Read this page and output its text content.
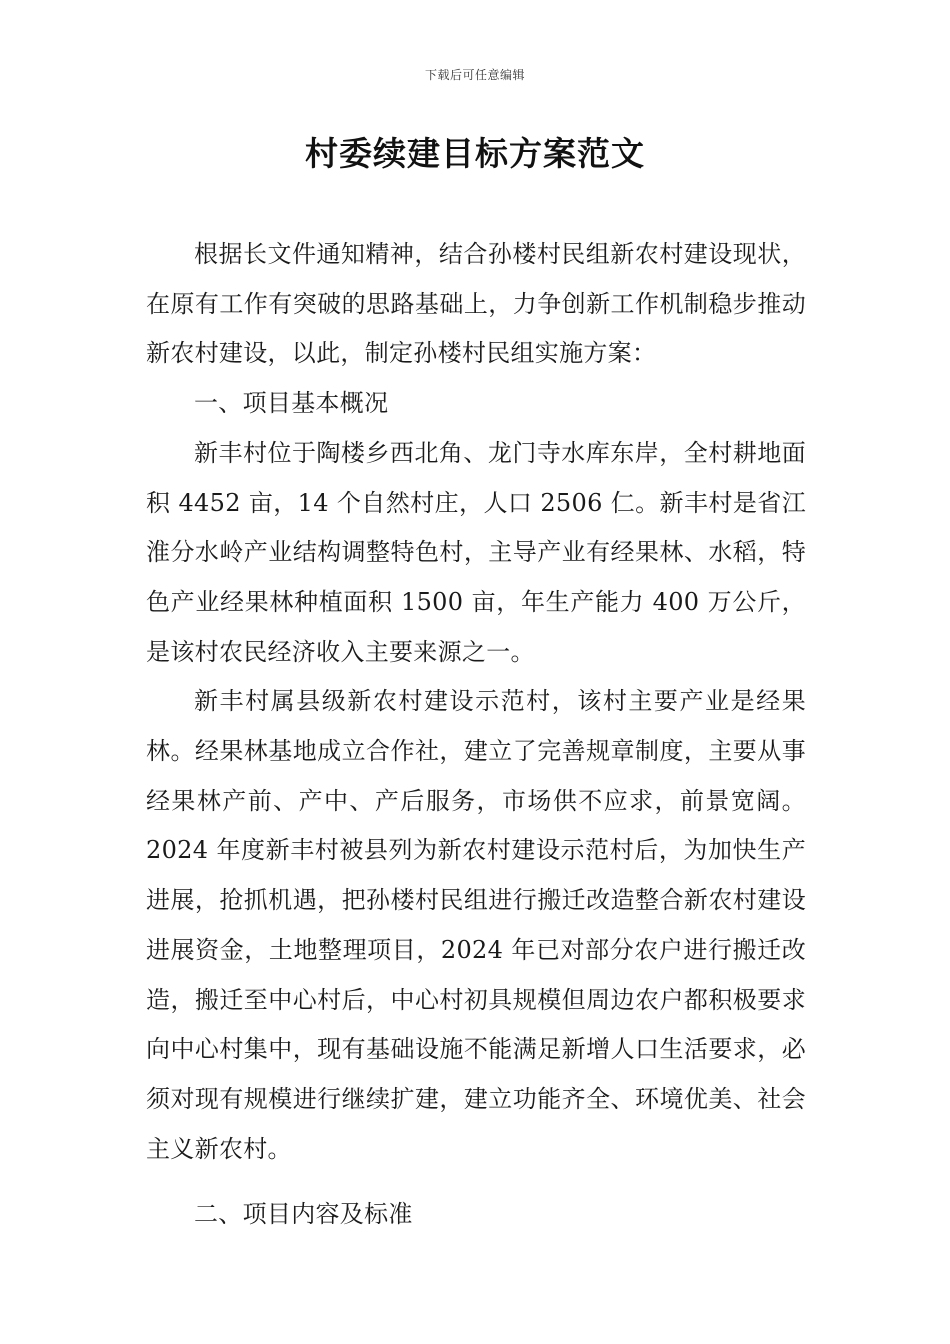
下载后可任意编辑
村委续建目标方案范文

根据长文件通知精神，结合孙楼村民组新农村建设现状，在原有工作有突破的思路基础上，力争创新工作机制稳步推动新农村建设，以此，制定孙楼村民组实施方案：

一、项目基本概况

新丰村位于陶楼乡西北角、龙门寺水库东岸，全村耕地面积 4452 亩，14 个自然村庄，人口 2506 仁。新丰村是省江淮分水岭产业结构调整特色村，主导产业有经果林、水稻，特色产业经果林种植面积 1500 亩，年生产能力 400 万公斤，是该村农民经济收入主要来源之一。

新丰村属县级新农村建设示范村，该村主要产业是经果林。经果林基地成立合作社，建立了完善规章制度，主要从事经果林产前、产中、产后服务，市场供不应求，前景宽阔。2024 年度新丰村被县列为新农村建设示范村后，为加快生产进展，抢抓机遇，把孙楼村民组进行搬迁改造整合新农村建设进展资金，土地整理项目，2024 年已对部分农户进行搬迁改造，搬迁至中心村后，中心村初具规模但周边农户都积极要求向中心村集中，现有基础设施不能满足新增人口生活要求，必须对现有规模进行继续扩建，建立功能齐全、环境优美、社会主义新农村。

二、项目内容及标准
